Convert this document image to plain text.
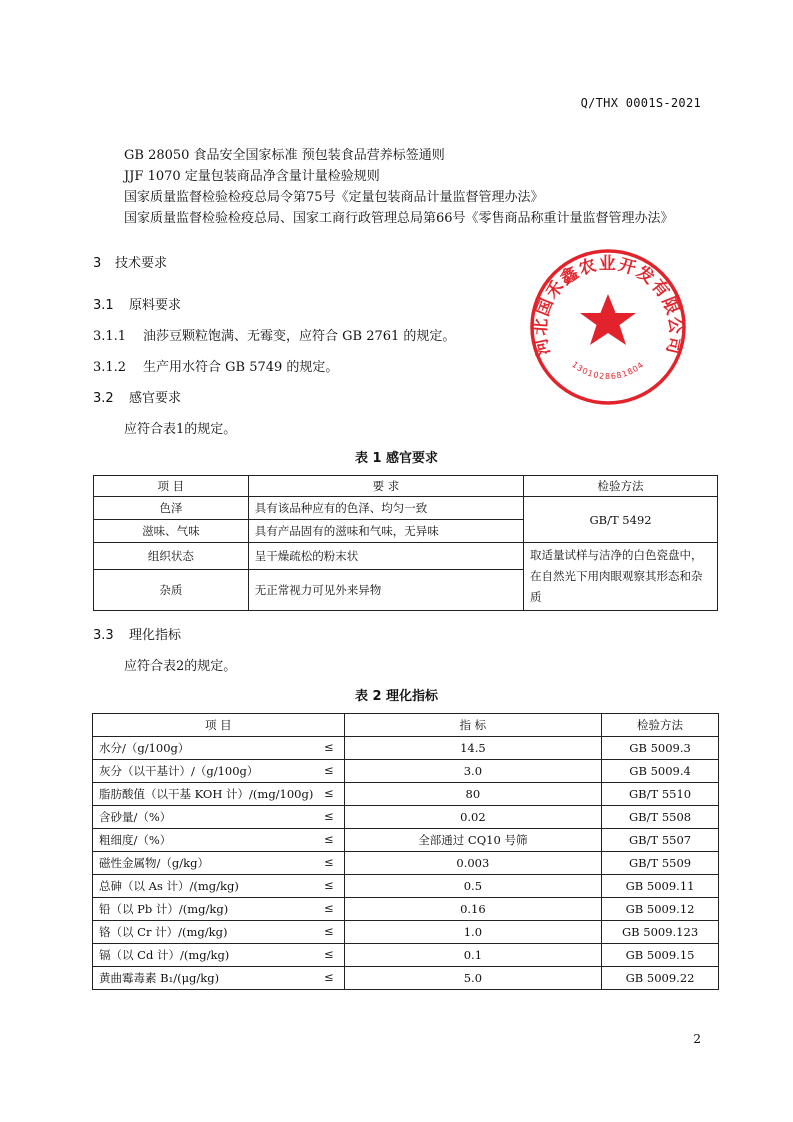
Q/THX 0001S-2021
GB 28050 食品安全国家标准 预包装食品营养标签通则
JJF 1070 定量包装商品净含量计量检验规则
国家质量监督检验检疫总局令第75号《定量包装商品计量监督管理办法》
国家质量监督检验检疫总局、国家工商行政管理总局第66号《零售商品称重计量监督管理办法》
3 技术要求
3.1 原料要求
3.1.1 油莎豆颗粒饱满、无霉变，应符合 GB 2761 的规定。
3.1.2 生产用水符合 GB 5749 的规定。
3.2 感官要求
应符合表1的规定。
表 1 感官要求
项 目	要 求	检验方法
色泽	具有该品种应有的色泽、均匀一致	GB/T 5492
滋味、气味	具有产品固有的滋味和气味，无异味	
组织状态	呈干燥疏松的粉末状	取适量试样与洁净的白色瓷盘中，在自然光下用肉眼观察其形态和杂质
杂质	无正常视力可见外来异物	
3.3 理化指标
应符合表2的规定。
表 2 理化指标
项 目	指 标	检验方法
水分/（g/100g） ≤	14.5	GB 5009.3
灰分（以干基计）/（g/100g） ≤	3.0	GB 5009.4
脂肪酸值（以干基 KOH 计）/(mg/100g) ≤	80	GB/T 5510
含砂量/（%） ≤	0.02	GB/T 5508
粗细度/（%） ≤	全部通过 CQ10 号筛	GB/T 5507
磁性金属物/（g/kg） ≤	0.003	GB/T 5509
总砷（以 As 计）/(mg/kg) ≤	0.5	GB 5009.11
铅（以 Pb 计）/(mg/kg) ≤	0.16	GB 5009.12
铬（以 Cr 计）/(mg/kg) ≤	1.0	GB 5009.123
镉（以 Cd 计）/(mg/kg) ≤	0.1	GB 5009.15
黄曲霉毒素 B₁/(μg/kg) ≤	5.0	GB 5009.22
河北国禾鑫农业开发有限公司
1301028681804
2
